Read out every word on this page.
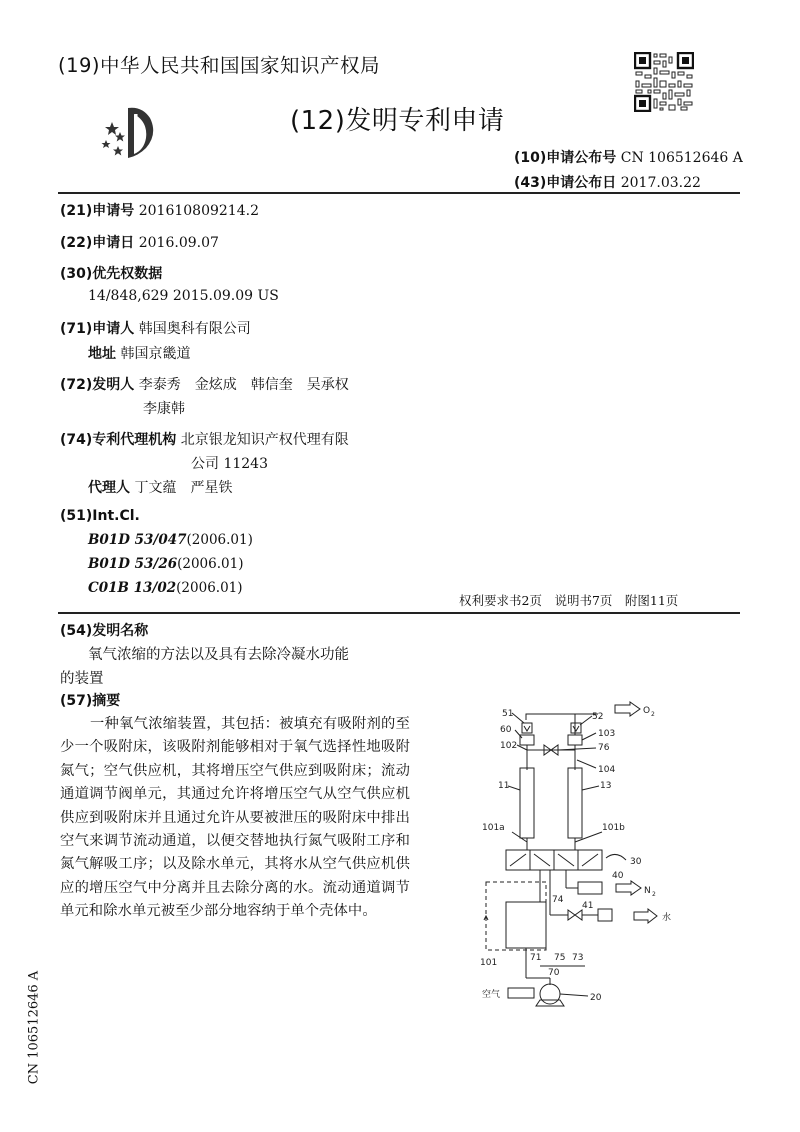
(19)中华人民共和国国家知识产权局
(12)发明专利申请
(10)申请公布号 CN 106512646 A
(43)申请公布日 2017.03.22
(21)申请号 201610809214.2
(22)申请日 2016.09.07
(30)优先权数据
14/848,629 2015.09.09 US
(71)申请人 韩国奥科有限公司
地址 韩国京畿道
(72)发明人 李泰秀　金炫成　韩信奎　吴承权
李康韩
(74)专利代理机构 北京银龙知识产权代理有限
公司 11243
代理人 丁文蕴　严星铁
(51)Int.Cl.
B01D 53/047(2006.01)
B01D 53/26(2006.01)
C01B 13/02(2006.01)
权利要求书2页　说明书7页　附图11页
(54)发明名称
氧气浓缩的方法以及具有去除冷凝水功能
的装置
(57)摘要
一种氧气浓缩装置，其包括：被填充有吸附剂的至少一个吸附床，该吸附剂能够相对于氧气选择性地吸附氮气；空气供应机，其将增压空气供应到吸附床；流动通道调节阀单元，其通过允许将增压空气从空气供应机供应到吸附床并且通过允许从要被泄压的吸附床中排出空气来调节流动通道，以便交替地执行氮气吸附工序和氮气解吸工序；以及除水单元，其将水从空气供应机供应的增压空气中分离并且去除分离的水。流动通道调节单元和除水单元被至少部分地容纳于单个壳体中。
CN 106512646 A
O 2
51	52
60	103
102	76
104
11	13
101a	101b
30
40
N 2
水
74
41
101	71 75 73
70
空气	20
